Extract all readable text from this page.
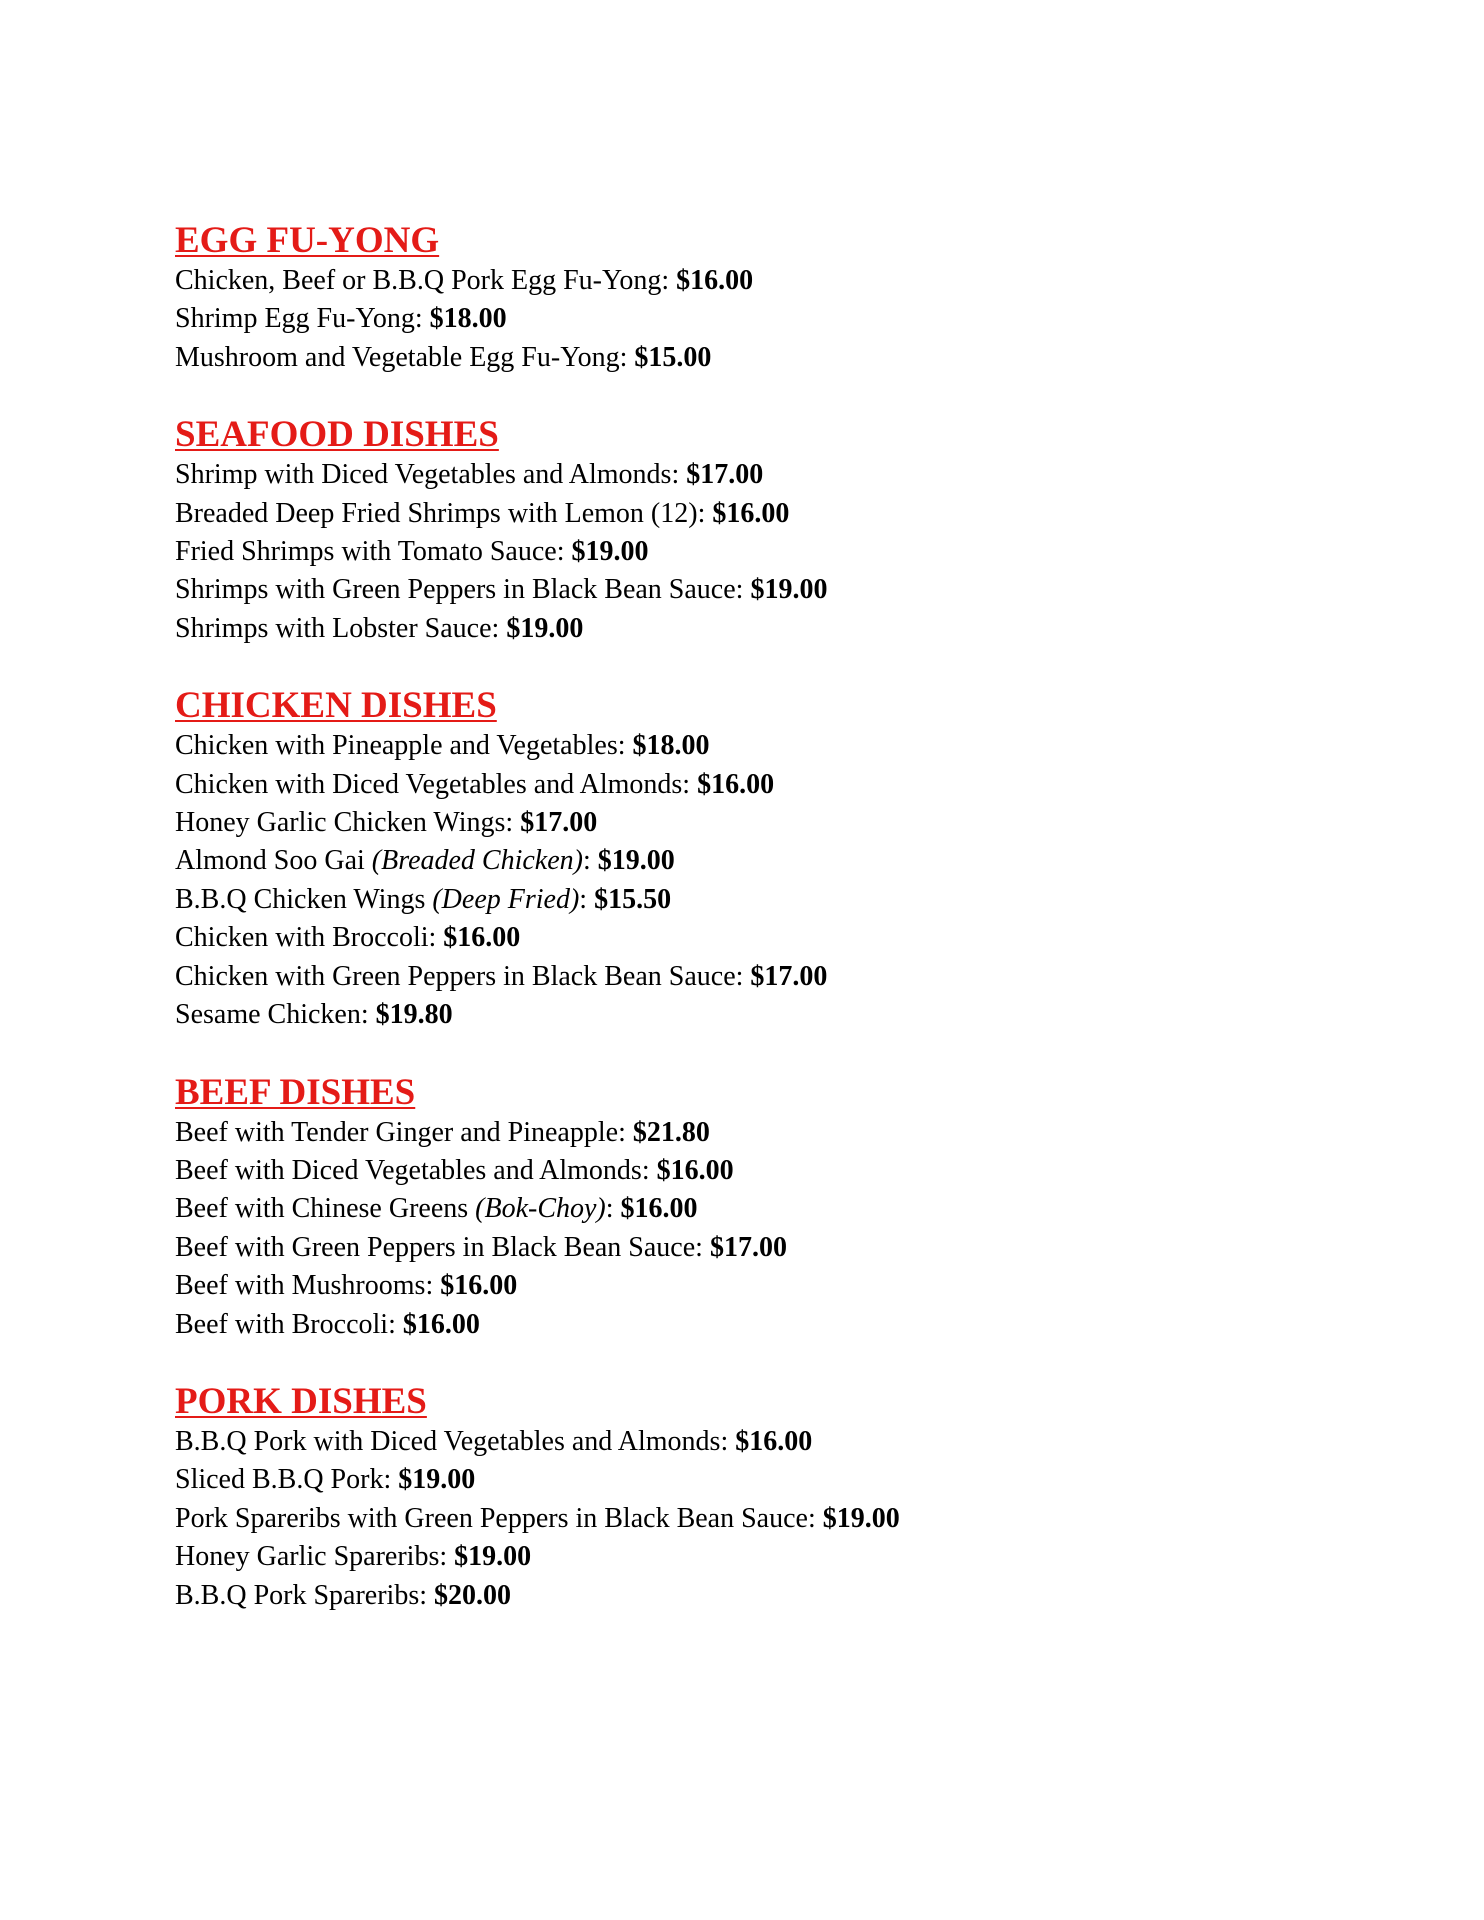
EGG FU-YONG
Chicken, Beef or B.B.Q Pork Egg Fu-Yong: $16.00
Shrimp Egg Fu-Yong: $18.00
Mushroom and Vegetable Egg Fu-Yong: $15.00
SEAFOOD DISHES
Shrimp with Diced Vegetables and Almonds: $17.00
Breaded Deep Fried Shrimps with Lemon (12): $16.00
Fried Shrimps with Tomato Sauce: $19.00
Shrimps with Green Peppers in Black Bean Sauce: $19.00
Shrimps with Lobster Sauce: $19.00
CHICKEN DISHES
Chicken with Pineapple and Vegetables: $18.00
Chicken with Diced Vegetables and Almonds: $16.00
Honey Garlic Chicken Wings: $17.00
Almond Soo Gai (Breaded Chicken): $19.00
B.B.Q Chicken Wings (Deep Fried): $15.50
Chicken with Broccoli: $16.00
Chicken with Green Peppers in Black Bean Sauce: $17.00
Sesame Chicken: $19.80
BEEF DISHES
Beef with Tender Ginger and Pineapple: $21.80
Beef with Diced Vegetables and Almonds: $16.00
Beef with Chinese Greens (Bok-Choy): $16.00
Beef with Green Peppers in Black Bean Sauce: $17.00
Beef with Mushrooms: $16.00
Beef with Broccoli: $16.00
PORK DISHES
B.B.Q Pork with Diced Vegetables and Almonds: $16.00
Sliced B.B.Q Pork: $19.00
Pork Spareribs with Green Peppers in Black Bean Sauce: $19.00
Honey Garlic Spareribs: $19.00
B.B.Q Pork Spareribs: $20.00
